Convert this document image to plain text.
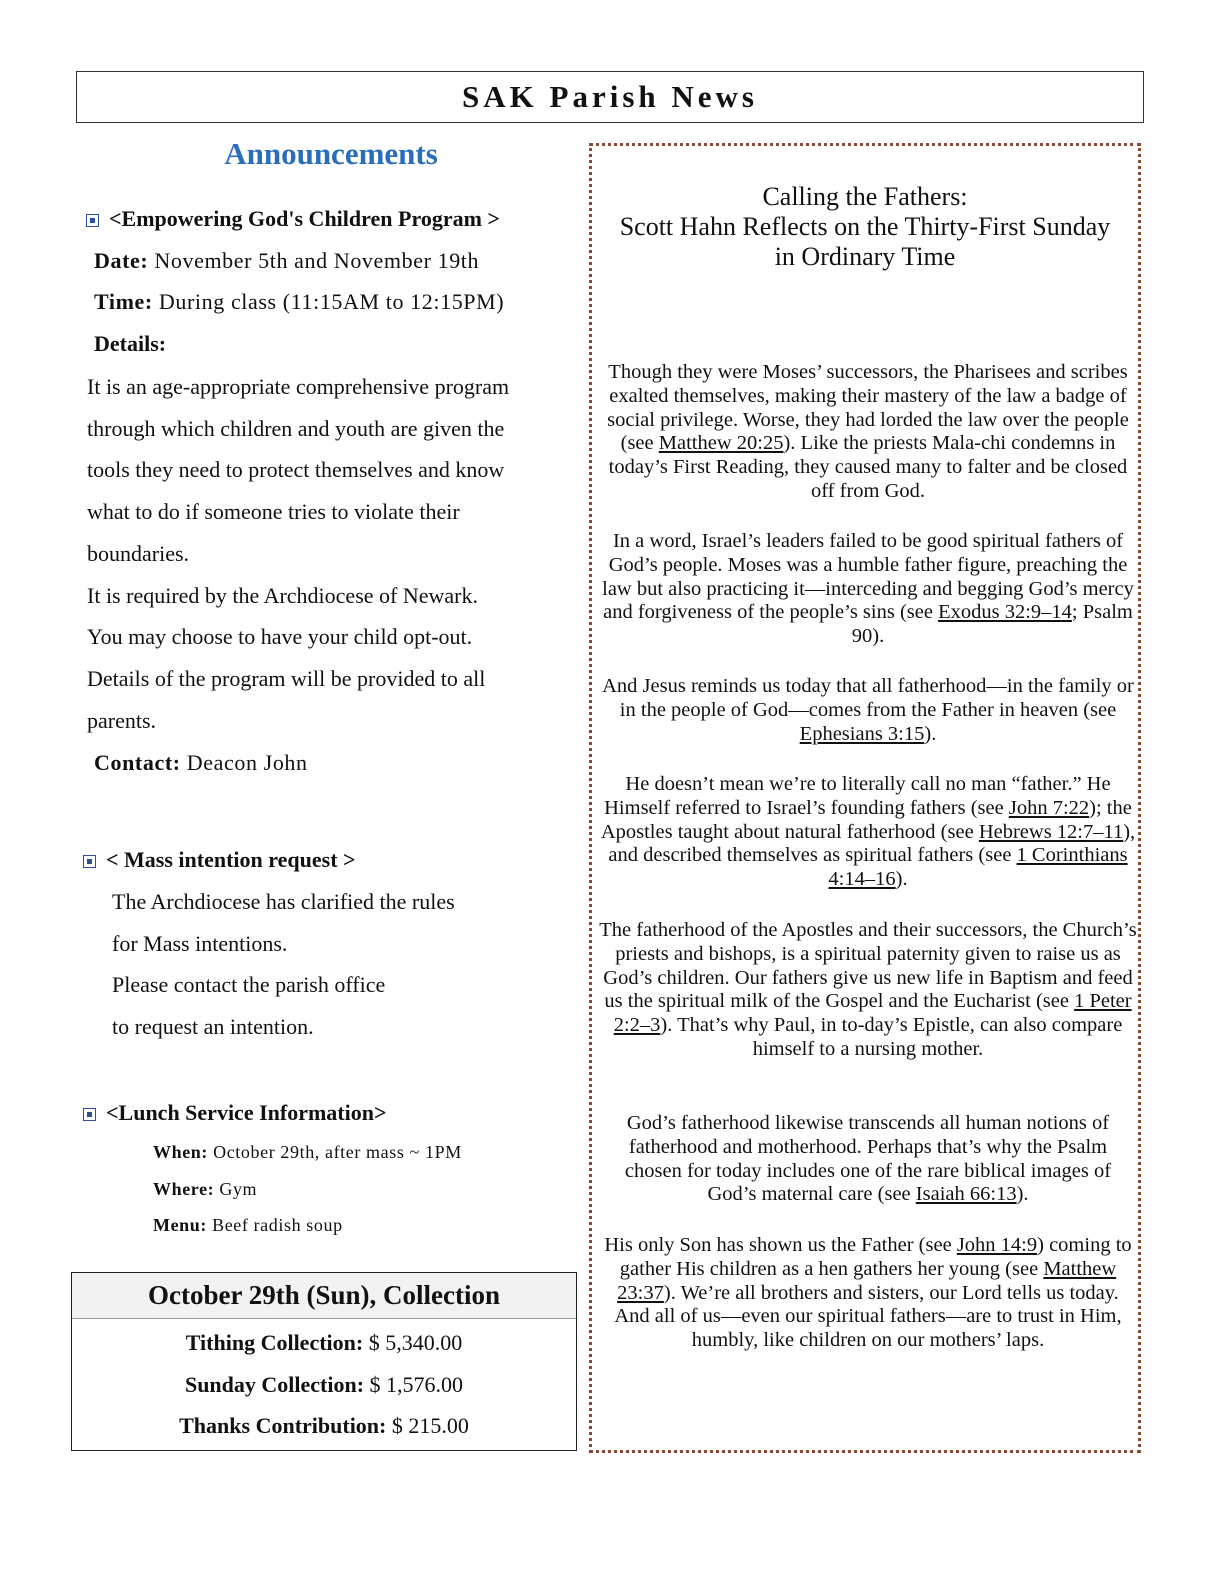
SAK Parish News
Announcements
<Empowering God's Children Program >
Date: November 5th and November 19th
Time: During class (11:15AM to 12:15PM)
Details:
It is an age-appropriate comprehensive program
through which children and youth are given the
tools they need to protect themselves and know
what to do if someone tries to violate their
boundaries.
It is required by the Archdiocese of Newark.
You may choose to have your child opt-out.
Details of the program will be provided to all
parents.
Contact: Deacon John
< Mass intention request >
The Archdiocese has clarified the rules
for Mass intentions.
Please contact the parish office
to request an intention.
<Lunch Service Information>
When: October 29th, after mass ~ 1PM
Where: Gym
Menu: Beef radish soup
October 29th (Sun), Collection
Tithing Collection: $ 5,340.00
Sunday Collection: $ 1,576.00
Thanks Contribution: $ 215.00
Calling the Fathers:
Scott Hahn Reflects on the Thirty-First Sunday
in Ordinary Time
Though they were Moses’ successors, the Pharisees and scribes exalted themselves, making their mastery of the law a badge of social privilege. Worse, they had lorded the law over the people (see Matthew 20:25). Like the priests Mala-chi condemns in today’s First Reading, they caused many to falter and be closed off from God.
In a word, Israel’s leaders failed to be good spiritual fathers of God’s people. Moses was a humble father figure, preaching the law but also practicing it—interceding and begging God’s mercy and forgiveness of the people’s sins (see Exodus 32:9–14; Psalm 90).
And Jesus reminds us today that all fatherhood—in the family or in the people of God—comes from the Father in heaven (see Ephesians 3:15).
He doesn’t mean we’re to literally call no man “father.” He Himself referred to Israel’s founding fathers (see John 7:22); the Apostles taught about natural fatherhood (see Hebrews 12:7–11), and described themselves as spiritual fathers (see 1 Corinthians 4:14–16).
The fatherhood of the Apostles and their successors, the Church’s priests and bishops, is a spiritual paternity given to raise us as God’s children. Our fathers give us new life in Baptism and feed us the spiritual milk of the Gospel and the Eucharist (see 1 Peter 2:2–3). That’s why Paul, in to-day’s Epistle, can also compare himself to a nursing mother.
God’s fatherhood likewise transcends all human notions of fatherhood and motherhood. Perhaps that’s why the Psalm chosen for today includes one of the rare biblical images of God’s maternal care (see Isaiah 66:13).
His only Son has shown us the Father (see John 14:9) coming to gather His children as a hen gathers her young (see Matthew 23:37). We’re all brothers and sisters, our Lord tells us today. And all of us—even our spiritual fathers—are to trust in Him, humbly, like children on our mothers’ laps.
